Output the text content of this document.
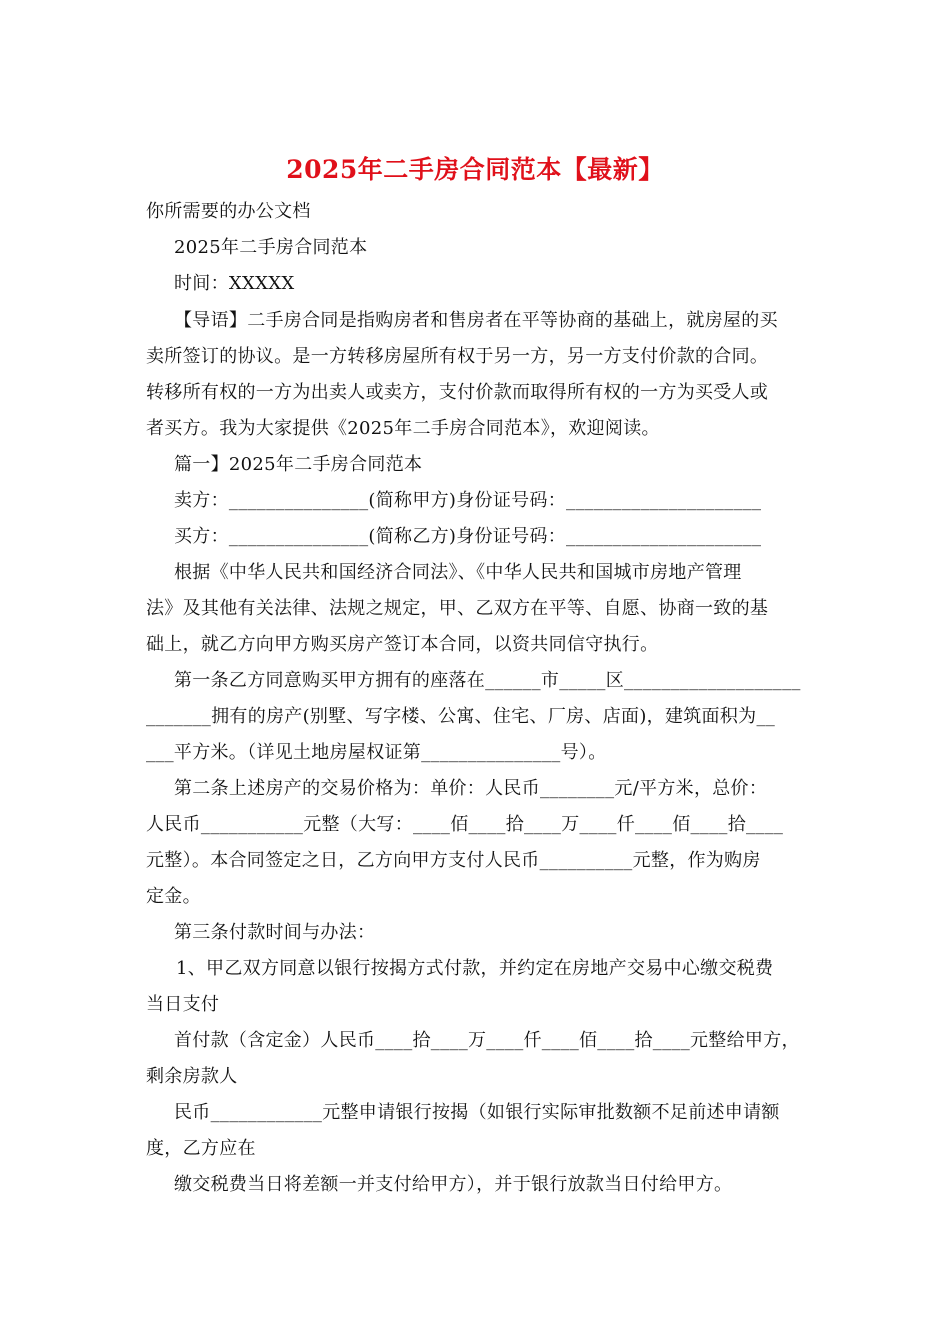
2025年二手房合同范本【最新】
你所需要的办公文档
2025年二手房合同范本
时间：XXXXX
【导语】二手房合同是指购房者和售房者在平等协商的基础上，就房屋的买
卖所签订的协议。是一方转移房屋所有权于另一方，另一方支付价款的合同。
转移所有权的一方为出卖人或卖方，支付价款而取得所有权的一方为买受人或
者买方。我为大家提供《2025年二手房合同范本》，欢迎阅读。
篇一】2025年二手房合同范本
卖方：_______________(简称甲方)身份证号码：_____________________
买方：_______________(简称乙方)身份证号码：_____________________
根据《中华人民共和国经济合同法》、《中华人民共和国城市房地产管理
法》及其他有关法律、法规之规定，甲、乙双方在平等、自愿、协商一致的基
础上，就乙方向甲方购买房产签订本合同，以资共同信守执行。
第一条乙方同意购买甲方拥有的座落在______市_____区___________________
_______拥有的房产(别墅、写字楼、公寓、住宅、厂房、店面)，建筑面积为__
___平方米。（详见土地房屋权证第_______________号）。
第二条上述房产的交易价格为：单价：人民币________元/平方米，总价：
人民币___________元整（大写：____佰____拾____万____仟____佰____拾____
元整）。本合同签定之日，乙方向甲方支付人民币__________元整，作为购房
定金。
第三条付款时间与办法：
1、甲乙双方同意以银行按揭方式付款，并约定在房地产交易中心缴交税费
当日支付
首付款（含定金）人民币____拾____万____仟____佰____拾____元整给甲方，
剩余房款人
民币____________元整申请银行按揭（如银行实际审批数额不足前述申请额
度，乙方应在
缴交税费当日将差额一并支付给甲方），并于银行放款当日付给甲方。
